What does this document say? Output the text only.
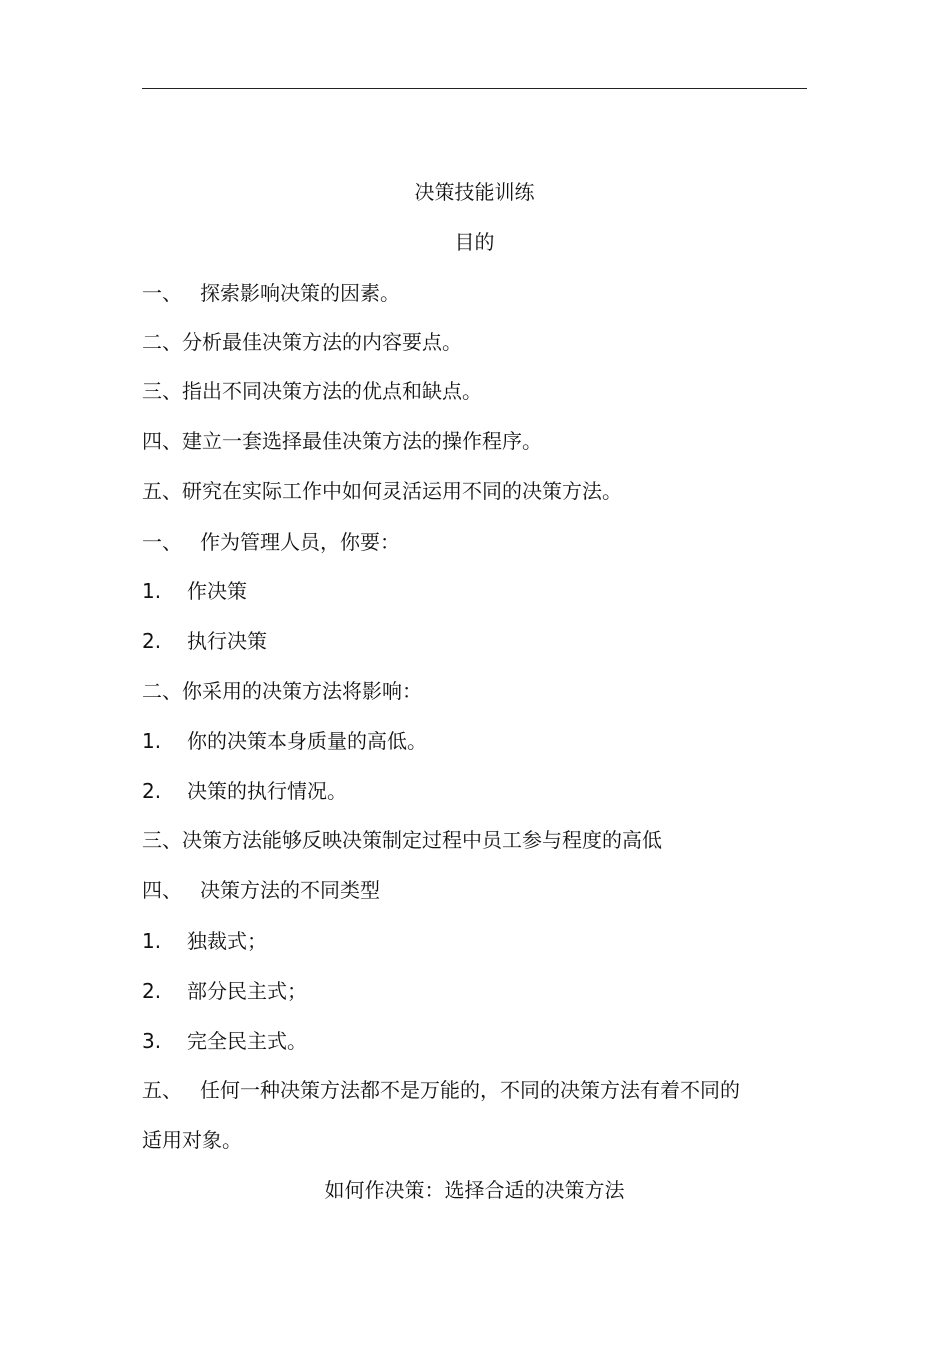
决策技能训练
目的
一、 探索影响决策的因素。
二、分析最佳决策方法的内容要点。
三、指出不同决策方法的优点和缺点。
四、建立一套选择最佳决策方法的操作程序。
五、研究在实际工作中如何灵活运用不同的决策方法。
一、 作为管理人员，你要：
1. 作决策
2. 执行决策
二、你采用的决策方法将影响：
1. 你的决策本身质量的高低。
2. 决策的执行情况。
三、决策方法能够反映决策制定过程中员工参与程度的高低
四、 决策方法的不同类型
1. 独裁式；
2. 部分民主式；
3. 完全民主式。
五、 任何一种决策方法都不是万能的，不同的决策方法有着不同的
适用对象。
如何作决策：选择合适的决策方法
